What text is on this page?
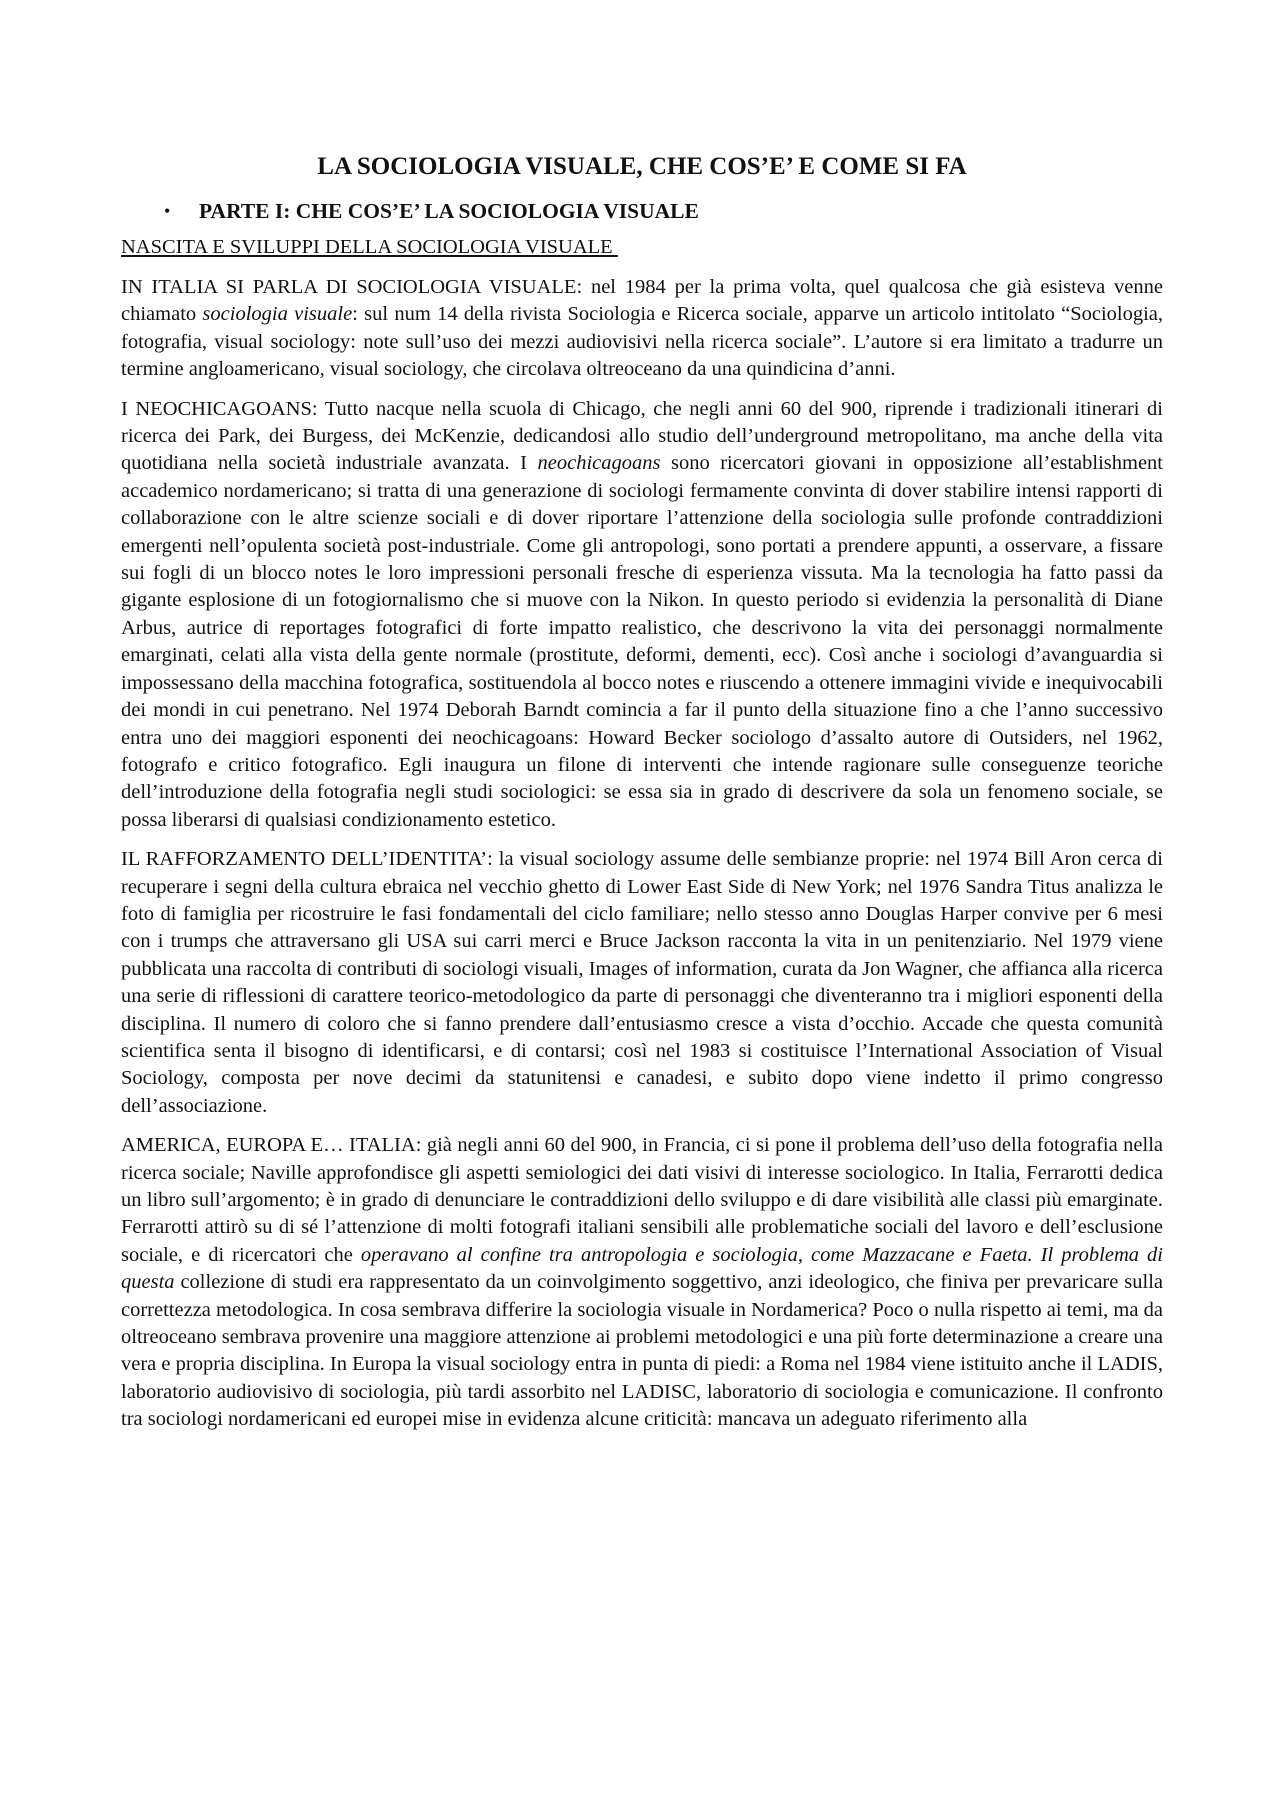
LA SOCIOLOGIA VISUALE, CHE COS’E’ E COME SI FA
• PARTE I: CHE COS’E’ LA SOCIOLOGIA VISUALE
NASCITA E SVILUPPI DELLA SOCIOLOGIA VISUALE

IN ITALIA SI PARLA DI SOCIOLOGIA VISUALE: nel 1984 per la prima volta, quel qualcosa che già esisteva venne chiamato sociologia visuale: sul num 14 della rivista Sociologia e Ricerca sociale, apparve un articolo intitolato “Sociologia, fotografia, visual sociology: note sull’uso dei mezzi audiovisivi nella ricerca sociale”. L’autore si era limitato a tradurre un termine angloamericano, visual sociology, che circolava oltreoceano da una quindicina d’anni.

I NEOCHICAGOANS: Tutto nacque nella scuola di Chicago, che negli anni 60 del 900, riprende i tradizionali itinerari di ricerca dei Park, dei Burgess, dei McKenzie, dedicandosi allo studio dell’underground metropolitano, ma anche della vita quotidiana nella società industriale avanzata. I neochicagoans sono ricercatori giovani in opposizione all’establishment accademico nordamericano; si tratta di una generazione di sociologi fermamente convinta di dover stabilire intensi rapporti di collaborazione con le altre scienze sociali e di dover riportare l’attenzione della sociologia sulle profonde contraddizioni emergenti nell’opulenta società post-industriale. Come gli antropologi, sono portati a prendere appunti, a osservare, a fissare sui fogli di un blocco notes le loro impressioni personali fresche di esperienza vissuta. Ma la tecnologia ha fatto passi da gigante esplosione di un fotogiornalismo che si muove con la Nikon. In questo periodo si evidenzia la personalità di Diane Arbus, autrice di reportages fotografici di forte impatto realistico, che descrivono la vita dei personaggi normalmente emarginati, celati alla vista della gente normale (prostitute, deformi, dementi, ecc). Così anche i sociologi d’avanguardia si impossessano della macchina fotografica, sostituendola al bocco notes e riuscendo a ottenere immagini vivide e inequivocabili dei mondi in cui penetrano. Nel 1974 Deborah Barndt comincia a far il punto della situazione fino a che l’anno successivo entra uno dei maggiori esponenti dei neochicagoans: Howard Becker sociologo d’assalto autore di Outsiders, nel 1962, fotografo e critico fotografico. Egli inaugura un filone di interventi che intende ragionare sulle conseguenze teoriche dell’introduzione della fotografia negli studi sociologici: se essa sia in grado di descrivere da sola un fenomeno sociale, se possa liberarsi di qualsiasi condizionamento estetico.

IL RAFFORZAMENTO DELL’IDENTITA’: la visual sociology assume delle sembianze proprie: nel 1974 Bill Aron cerca di recuperare i segni della cultura ebraica nel vecchio ghetto di Lower East Side di New York; nel 1976 Sandra Titus analizza le foto di famiglia per ricostruire le fasi fondamentali del ciclo familiare; nello stesso anno Douglas Harper convive per 6 mesi con i trumps che attraversano gli USA sui carri merci e Bruce Jackson racconta la vita in un penitenziario. Nel 1979 viene pubblicata una raccolta di contributi di sociologi visuali, Images of information, curata da Jon Wagner, che affianca alla ricerca una serie di riflessioni di carattere teorico-metodologico da parte di personaggi che diventeranno tra i migliori esponenti della disciplina. Il numero di coloro che si fanno prendere dall’entusiasmo cresce a vista d’occhio. Accade che questa comunità scientifica senta il bisogno di identificarsi, e di contarsi; così nel 1983 si costituisce l’International Association of Visual Sociology, composta per nove decimi da statunitensi e canadesi, e subito dopo viene indetto il primo congresso dell’associazione.

AMERICA, EUROPA E… ITALIA: già negli anni 60 del 900, in Francia, ci si pone il problema dell’uso della fotografia nella ricerca sociale; Naville approfondisce gli aspetti semiologici dei dati visivi di interesse sociologico. In Italia, Ferrarotti dedica un libro sull’argomento; è in grado di denunciare le contraddizioni dello sviluppo e di dare visibilità alle classi più emarginate. Ferrarotti attirò su di sé l’attenzione di molti fotografi italiani sensibili alle problematiche sociali del lavoro e dell’esclusione sociale, e di ricercatori che operavano al confine tra antropologia e sociologia, come Mazzacane e Faeta. Il problema di questa collezione di studi era rappresentato da un coinvolgimento soggettivo, anzi ideologico, che finiva per prevaricare sulla correttezza metodologica. In cosa sembrava differire la sociologia visuale in Nordamerica? Poco o nulla rispetto ai temi, ma da oltreoceano sembrava provenire una maggiore attenzione ai problemi metodologici e una più forte determinazione a creare una vera e propria disciplina. In Europa la visual sociology entra in punta di piedi: a Roma nel 1984 viene istituito anche il LADIS, laboratorio audiovisivo di sociologia, più tardi assorbito nel LADISC, laboratorio di sociologia e comunicazione. Il confronto tra sociologi nordamericani ed europei mise in evidenza alcune criticità: mancava un adeguato riferimento alla
